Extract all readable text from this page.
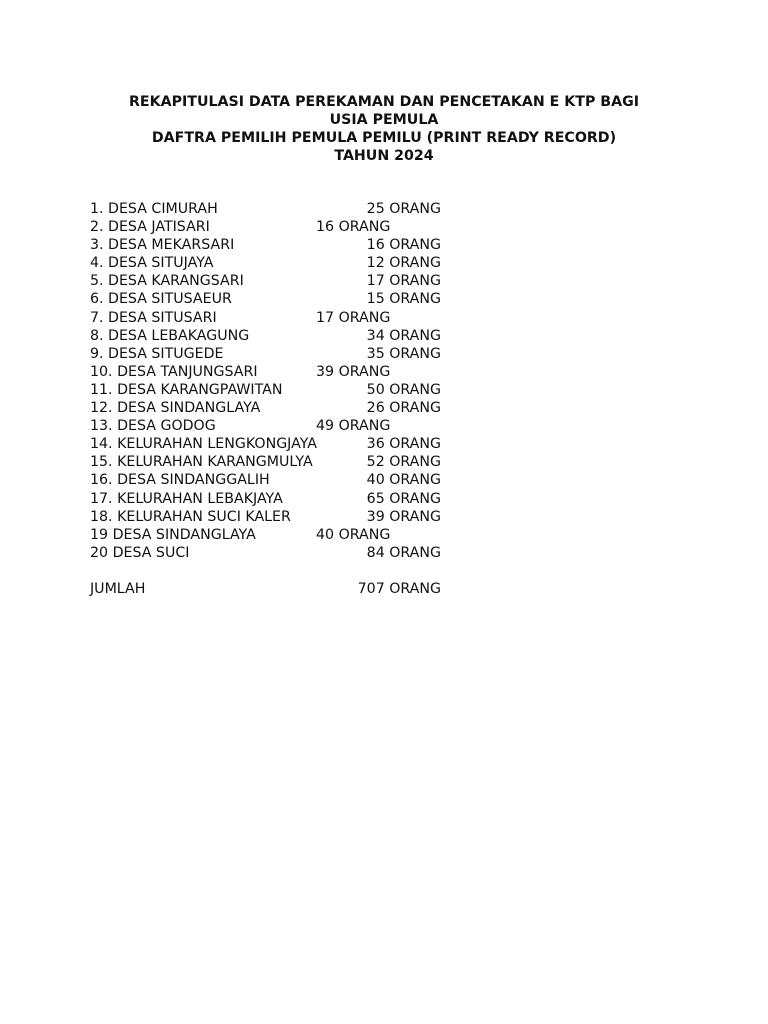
REKAPITULASI DATA PEREKAMAN DAN PENCETAKAN E KTP BAGI
USIA PEMULA
DAFTRA PEMILIH PEMULA PEMILU (PRINT READY RECORD)
TAHUN 2024
1. DESA CIMURAH	25 ORANG
2. DESA JATISARI	16 ORANG
3. DESA MEKARSARI	16 ORANG
4. DESA SITUJAYA	12 ORANG
5. DESA KARANGSARI	17 ORANG
6. DESA SITUSAEUR	15 ORANG
7. DESA SITUSARI	17 ORANG
8. DESA LEBAKAGUNG	34 ORANG
9. DESA SITUGEDE	35 ORANG
10. DESA TANJUNGSARI	39 ORANG
11. DESA KARANGPAWITAN	50 ORANG
12. DESA SINDANGLAYA	26 ORANG
13. DESA GODOG	49 ORANG
14. KELURAHAN LENGKONGJAYA	36 ORANG
15. KELURAHAN KARANGMULYA	52 ORANG
16. DESA SINDANGGALIH	40 ORANG
17. KELURAHAN LEBAKJAYA	65 ORANG
18. KELURAHAN SUCI KALER	39 ORANG
19 DESA SINDANGLAYA	40 ORANG
20 DESA SUCI	84 ORANG
JUMLAH	707 ORANG
